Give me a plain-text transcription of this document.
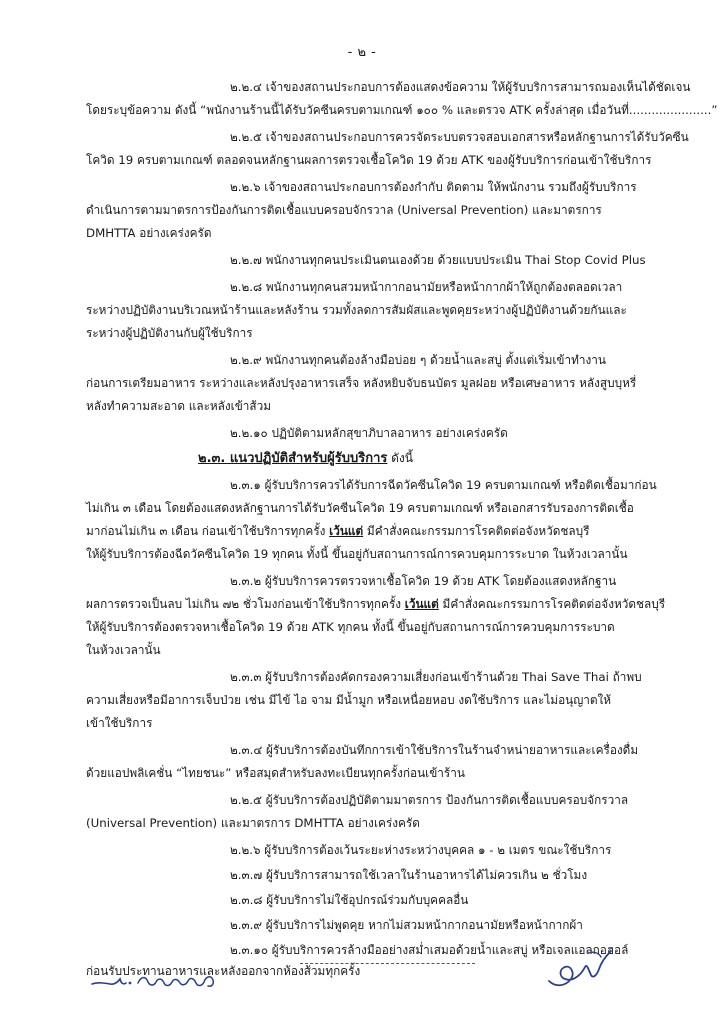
- ๒ -
๒.๒.๔ เจ้าของสถานประกอบการต้องแสดงข้อความ ให้ผู้รับบริการสามารถมองเห็นได้ชัดเจน
โดยระบุข้อความ ดังนี้ “พนักงานร้านนี้ได้รับวัคซีนครบตามเกณฑ์ ๑๐๐ % และตรวจ ATK ครั้งล่าสุด เมื่อวันที่......................”
๒.๒.๕ เจ้าของสถานประกอบการควรจัดระบบตรวจสอบเอกสารหรือหลักฐานการได้รับวัคซีน
โควิด 19 ครบตามเกณฑ์ ตลอดจนหลักฐานผลการตรวจเชื้อโควิด 19 ด้วย ATK ของผู้รับบริการก่อนเข้าใช้บริการ
๒.๒.๖ เจ้าของสถานประกอบการต้องกำกับ ติดตาม ให้พนักงาน รวมถึงผู้รับบริการ
ดำเนินการตามมาตรการป้องกันการติดเชื้อแบบครอบจักรวาล (Universal Prevention) และมาตรการ
DMHTTA อย่างเคร่งครัด
๒.๒.๗ พนักงานทุกคนประเมินตนเองด้วย ด้วยแบบประเมิน Thai Stop Covid Plus
๒.๒.๘ พนักงานทุกคนสวมหน้ากากอนามัยหรือหน้ากากผ้าให้ถูกต้องตลอดเวลา
ระหว่างปฏิบัติงานบริเวณหน้าร้านและหลังร้าน รวมทั้งลดการสัมผัสและพูดคุยระหว่างผู้ปฏิบัติงานด้วยกันและ
ระหว่างผู้ปฏิบัติงานกับผู้ใช้บริการ
๒.๒.๙ พนักงานทุกคนต้องล้างมือบ่อย ๆ ด้วยน้ำและสบู่ ตั้งแต่เริ่มเข้าทำงาน
ก่อนการเตรียมอาหาร ระหว่างและหลังปรุงอาหารเสร็จ หลังหยิบจับธนบัตร มูลฝอย หรือเศษอาหาร หลังสูบบุหรี่
หลังทำความสะอาด และหลังเข้าส้วม
๒.๒.๑๐ ปฏิบัติตามหลักสุขาภิบาลอาหาร อย่างเคร่งครัด
๒.๓. แนวปฏิบัติสำหรับผู้รับบริการ ดังนี้
๒.๓.๑ ผู้รับบริการควรได้รับการฉีดวัคซีนโควิด 19 ครบตามเกณฑ์ หรือติดเชื้อมาก่อน
ไม่เกิน ๓ เดือน โดยต้องแสดงหลักฐานการได้รับวัคซีนโควิด 19 ครบตามเกณฑ์ หรือเอกสารรับรองการติดเชื้อ
มาก่อนไม่เกิน ๓ เดือน ก่อนเข้าใช้บริการทุกครั้ง เว้นแต่ มีคำสั่งคณะกรรมการโรคติดต่อจังหวัดชลบุรี
ให้ผู้รับบริการต้องฉีดวัคซีนโควิด 19 ทุกคน ทั้งนี้ ขึ้นอยู่กับสถานการณ์การควบคุมการระบาด ในห้วงเวลานั้น
๒.๓.๒ ผู้รับบริการควรตรวจหาเชื้อโควิด 19 ด้วย ATK โดยต้องแสดงหลักฐาน
ผลการตรวจเป็นลบ ไม่เกิน ๗๒ ชั่วโมงก่อนเข้าใช้บริการทุกครั้ง เว้นแต่ มีคำสั่งคณะกรรมการโรคติดต่อจังหวัดชลบุรี
ให้ผู้รับบริการต้องตรวจหาเชื้อโควิด 19 ด้วย ATK ทุกคน ทั้งนี้ ขึ้นอยู่กับสถานการณ์การควบคุมการระบาด
ในห้วงเวลานั้น
๒.๓.๓ ผู้รับบริการต้องคัดกรองความเสี่ยงก่อนเข้าร้านด้วย Thai Save Thai ถ้าพบ
ความเสี่ยงหรือมีอาการเจ็บป่วย เช่น มีไข้ ไอ จาม มีน้ำมูก หรือเหนื่อยหอบ งดใช้บริการ และไม่อนุญาตให้
เข้าใช้บริการ
๒.๓.๔ ผู้รับบริการต้องบันทึกการเข้าใช้บริการในร้านจำหน่ายอาหารและเครื่องดื่ม
ด้วยแอปพลิเคชั่น “ไทยชนะ” หรือสมุดสำหรับลงทะเบียนทุกครั้งก่อนเข้าร้าน
๒.๒.๕ ผู้รับบริการต้องปฏิบัติตามมาตรการ ป้องกันการติดเชื้อแบบครอบจักรวาล
(Universal Prevention) และมาตรการ DMHTTA อย่างเคร่งครัด
๒.๒.๖ ผู้รับบริการต้องเว้นระยะห่างระหว่างบุคคล ๑ - ๒ เมตร ขณะใช้บริการ
๒.๓.๗ ผู้รับบริการสามารถใช้เวลาในร้านอาหารได้ไม่ควรเกิน ๒ ชั่วโมง
๒.๓.๘ ผู้รับบริการไม่ใช้อุปกรณ์ร่วมกับบุคคลอื่น
๒.๓.๙ ผู้รับบริการไม่พูดคุย หากไม่สวมหน้ากากอนามัยหรือหน้ากากผ้า
๒.๓.๑๐ ผู้รับบริการควรล้างมืออย่างสม่ำเสมอด้วยน้ำและสบู่ หรือเจลแอลกอฮอล์
ก่อนรับประทานอาหารและหลังออกจากห้องส้วมทุกครั้ง
